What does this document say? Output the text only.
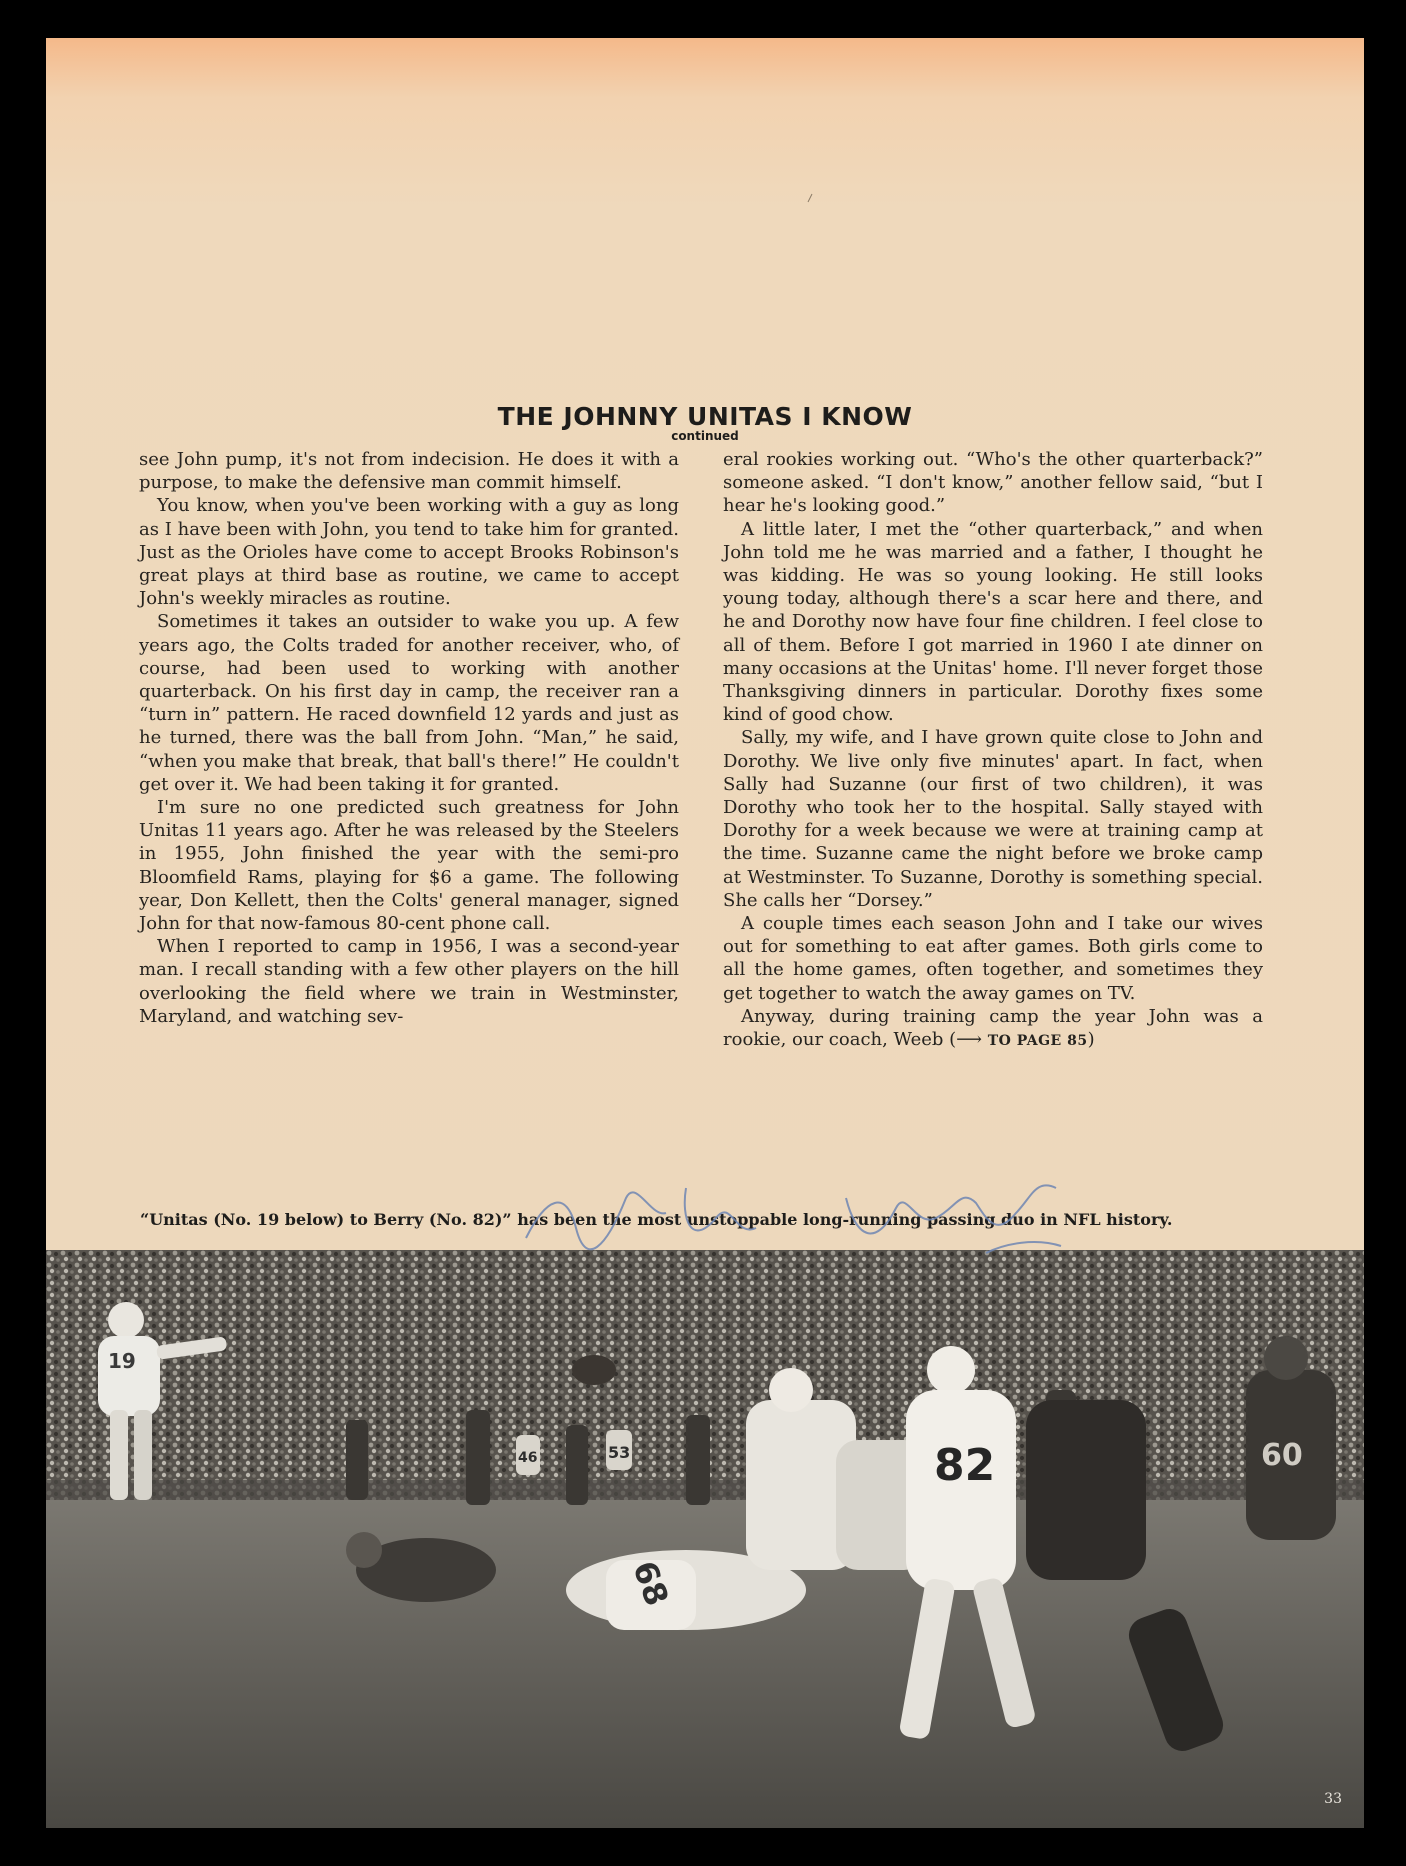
THE JOHNNY UNITAS I KNOW
continued

see John pump, it's not from indecision. He does it with a purpose, to make the defensive man commit himself.

You know, when you've been working with a guy as long as I have been with John, you tend to take him for granted. Just as the Orioles have come to accept Brooks Robinson's great plays at third base as routine, we came to accept John's weekly miracles as routine.

Sometimes it takes an outsider to wake you up. A few years ago, the Colts traded for another receiver, who, of course, had been used to working with another quarterback. On his first day in camp, the receiver ran a “turn in” pattern. He raced downfield 12 yards and just as he turned, there was the ball from John. “Man,” he said, “when you make that break, that ball's there!” He couldn't get over it. We had been taking it for granted.

I'm sure no one predicted such greatness for John Unitas 11 years ago. After he was released by the Steelers in 1955, John finished the year with the semi-pro Bloomfield Rams, playing for $6 a game. The following year, Don Kellett, then the Colts' general manager, signed John for that now-famous 80-cent phone call.

When I reported to camp in 1956, I was a second-year man. I recall standing with a few other players on the hill overlooking the field where we train in Westminster, Maryland, and watching sev-

eral rookies working out. “Who's the other quarterback?” someone asked. “I don't know,” another fellow said, “but I hear he's looking good.”

A little later, I met the “other quarterback,” and when John told me he was married and a father, I thought he was kidding. He was so young looking. He still looks young today, although there's a scar here and there, and he and Dorothy now have four fine children. I feel close to all of them. Before I got married in 1960 I ate dinner on many occasions at the Unitas' home. I'll never forget those Thanksgiving dinners in particular. Dorothy fixes some kind of good chow.

Sally, my wife, and I have grown quite close to John and Dorothy. We live only five minutes' apart. In fact, when Sally had Suzanne (our first of two children), it was Dorothy who took her to the hospital. Sally stayed with Dorothy for a week because we were at training camp at the time. Suzanne came the night before we broke camp at Westminster. To Suzanne, Dorothy is something special. She calls her “Dorsey.”

A couple times each season John and I take our wives out for something to eat after games. Both girls come to all the home games, often together, and sometimes they get together to watch the away games on TV.

Anyway, during training camp the year John was a rookie, our coach, Weeb (⟶ TO PAGE 85)

“Unitas (No. 19 below) to Berry (No. 82)” has been the most unstoppable long-running passing duo in NFL history.
19
68
82
53
46	60
33
